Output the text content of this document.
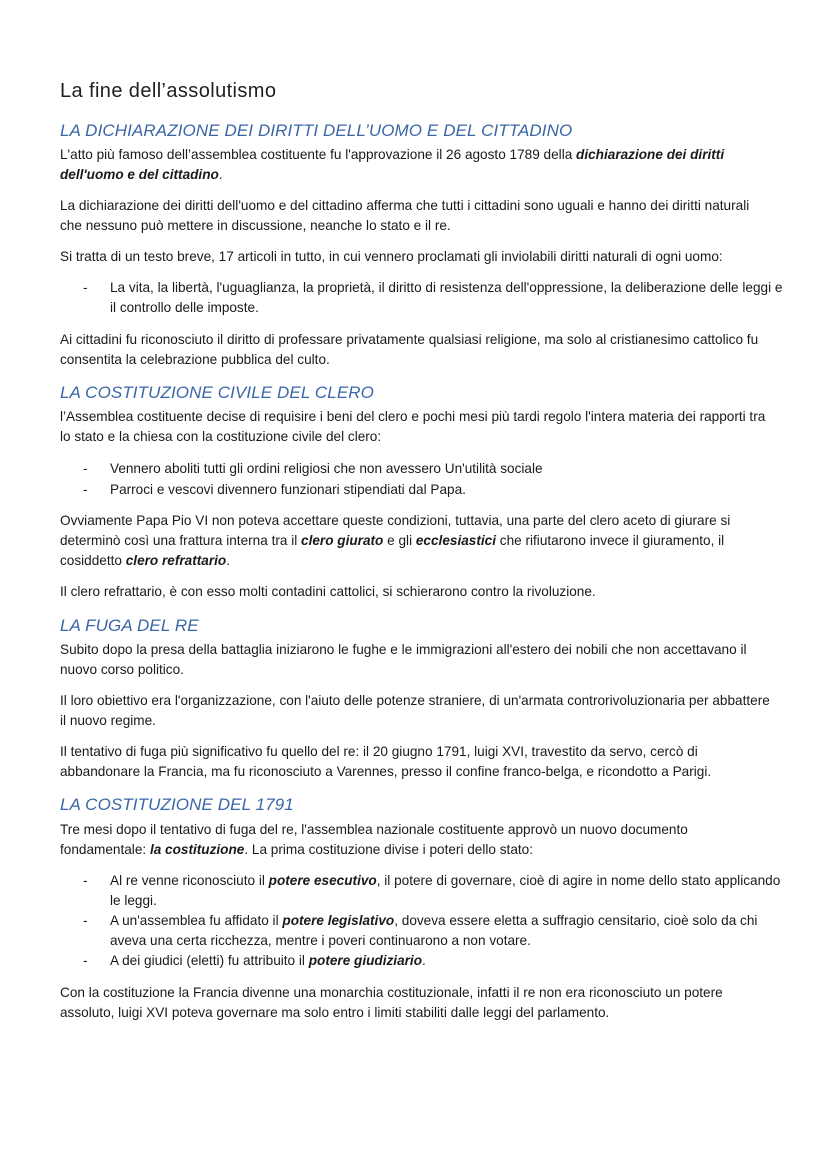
La fine dell’assolutismo
LA DICHIARAZIONE DEI DIRITTI DELL’UOMO E DEL CITTADINO

L'atto più famoso dell’assemblea costituente fu l'approvazione il 26 agosto 1789 della dichiarazione dei diritti dell'uomo e del cittadino.

La dichiarazione dei diritti dell'uomo e del cittadino afferma che tutti i cittadini sono uguali e hanno dei diritti naturali che nessuno può mettere in discussione, neanche lo stato e il re.

Si tratta di un testo breve, 17 articoli in tutto, in cui vennero proclamati gli inviolabili diritti naturali di ogni uomo:

-	La vita, la libertà, l'uguaglianza, la proprietà, il diritto di resistenza dell'oppressione, la deliberazione delle leggi e il controllo delle imposte.

Ai cittadini fu riconosciuto il diritto di professare privatamente qualsiasi religione, ma solo al cristianesimo cattolico fu consentita la celebrazione pubblica del culto.

LA COSTITUZIONE CIVILE DEL CLERO

l’Assemblea costituente decise di requisire i beni del clero e pochi mesi più tardi regolo l'intera materia dei rapporti tra lo stato e la chiesa con la costituzione civile del clero:

-	Vennero aboliti tutti gli ordini religiosi che non avessero Un'utilità sociale
-	Parroci e vescovi divennero funzionari stipendiati dal Papa.

Ovviamente Papa Pio VI non poteva accettare queste condizioni, tuttavia, una parte del clero aceto di giurare si determinò così una frattura interna tra il clero giurato e gli ecclesiastici che rifiutarono invece il giuramento, il cosiddetto clero refrattario.

Il clero refrattario, è con esso molti contadini cattolici, si schierarono contro la rivoluzione.

LA FUGA DEL RE

Subito dopo la presa della battaglia iniziarono le fughe e le immigrazioni all'estero dei nobili che non accettavano il nuovo corso politico.

Il loro obiettivo era l'organizzazione, con l'aiuto delle potenze straniere, di un'armata controrivoluzionaria per abbattere il nuovo regime.

Il tentativo di fuga più significativo fu quello del re: il 20 giugno 1791, luigi XVI, travestito da servo, cercò di abbandonare la Francia, ma fu riconosciuto a Varennes, presso il confine franco-belga, e ricondotto a Parigi.

LA COSTITUZIONE DEL 1791

Tre mesi dopo il tentativo di fuga del re, l'assemblea nazionale costituente approvò un nuovo documento fondamentale: la costituzione. La prima costituzione divise i poteri dello stato:

-	Al re venne riconosciuto il potere esecutivo, il potere di governare, cioè di agire in nome dello stato applicando le leggi.
-	A un'assemblea fu affidato il potere legislativo, doveva essere eletta a suffragio censitario, cioè solo da chi aveva una certa ricchezza, mentre i poveri continuarono a non votare.
-	A dei giudici (eletti) fu attribuito il potere giudiziario.

Con la costituzione la Francia divenne una monarchia costituzionale, infatti il re non era riconosciuto un potere assoluto, luigi XVI poteva governare ma solo entro i limiti stabiliti dalle leggi del parlamento.
